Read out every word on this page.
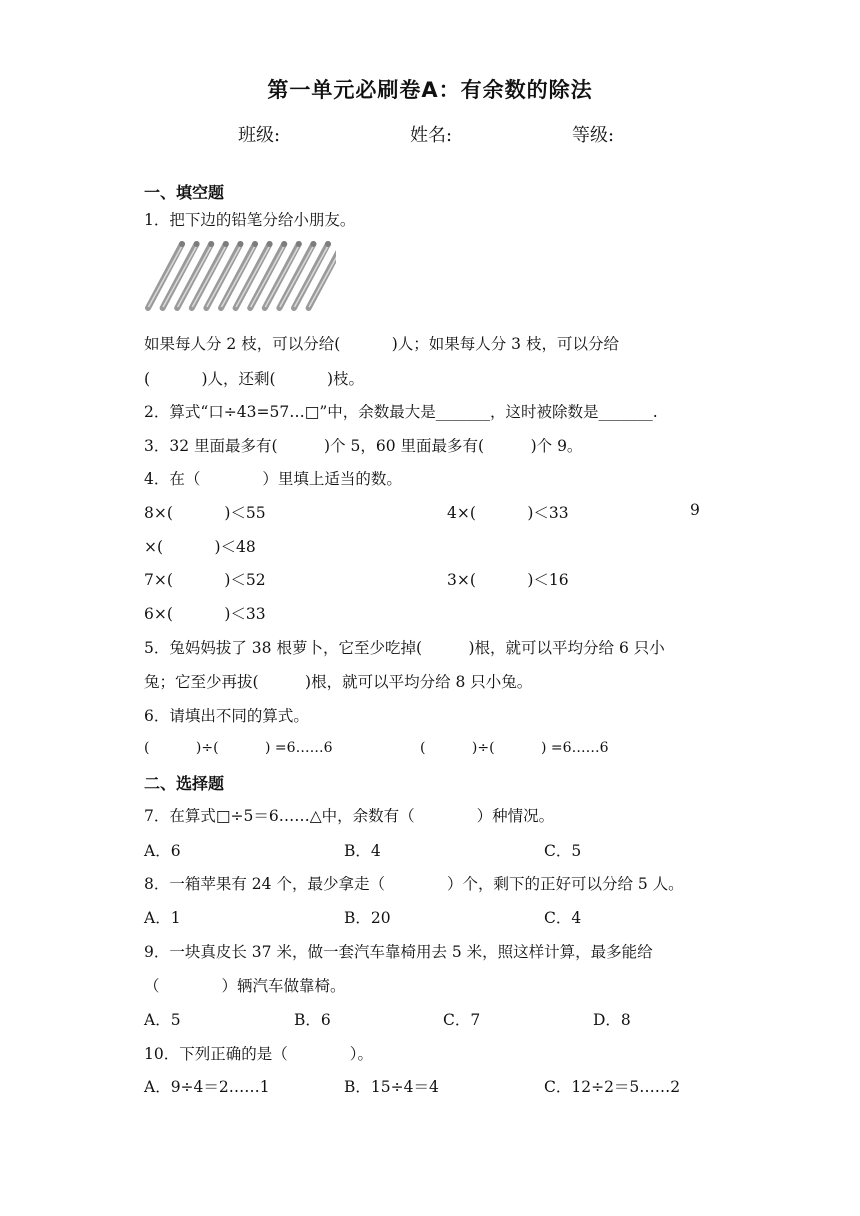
第一单元必刷卷A：有余数的除法
班级:	姓名:	等级:
一、填空题
1．把下边的铅笔分给小朋友。
如果每人分 2 枝，可以分给(　　　 )人；如果每人分 3 枝，可以分给
(　　　 )人，还剩(　　　 )枝。
2．算式“口÷43=57…□”中，余数最大是_______，这时被除数是_______.
3．32 里面最多有(　　　)个 5，60 里面最多有(　　　)个 9。
4．在（　　　　）里填上适当的数。
8×(　　　 )＜55	4×(　　　 )＜33	9
×(　　　 )＜48
7×(　　　 )＜52	3×(　　　 )＜16
6×(　　　 )＜33
5．兔妈妈拔了 38 根萝卜，它至少吃掉(　　　)根，就可以平均分给 6 只小
兔；它至少再拔(　　　)根，就可以平均分给 8 只小兔。
6．请填出不同的算式。
(　　　 )÷(　　　 ) =6……6	(　　　 )÷(　　　 ) =6……6
二、选择题
7．在算式□÷5＝6……△中，余数有（　　　　）种情况。
A．6	B．4	C．5
8．一箱苹果有 24 个，最少拿走（　　　　）个，剩下的正好可以分给 5 人。
A．1	B．20	C．4
9．一块真皮长 37 米，做一套汽车靠椅用去 5 米，照这样计算，最多能给
（　　　　）辆汽车做靠椅。
A．5	B．6	C．7	D．8
10．下列正确的是（　　　　）。
A．9÷4＝2……1	B．15÷4＝4	C．12÷2＝5……2
